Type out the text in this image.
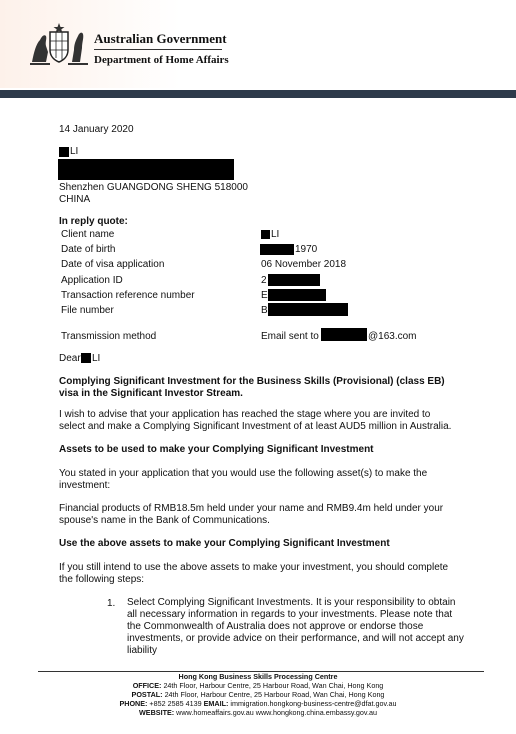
Australian Government
Department of Home Affairs
14 January 2020
LI
Shenzhen GUANGDONG SHENG 518000
CHINA
In reply quote:
Client name
Date of birth
Date of visa application
Application ID
Transaction reference number
File number
Transmission method
LI
1970
06 November 2018
2
E
B
Email sent to	@163.com
Dear LI
Complying Significant Investment for the Business Skills (Provisional) (class EB) visa in the Significant Investor Stream.
I wish to advise that your application has reached the stage where you are invited to select and make a Complying Significant Investment of at least AUD5 million in Australia.
Assets to be used to make your Complying Significant Investment
You stated in your application that you would use the following asset(s) to make the investment:
Financial products of RMB18.5m held under your name and RMB9.4m held under your spouse's name in the Bank of Communications.
Use the above assets to make your Complying Significant Investment
If you still intend to use the above assets to make your investment, you should complete the following steps:
1. Select Complying Significant Investments. It is your responsibility to obtain all necessary information in regards to your investments. Please note that the Commonwealth of Australia does not approve or endorse those investments, or provide advice on their performance, and will not accept any liability
Hong Kong Business Skills Processing Centre
OFFICE: 24th Floor, Harbour Centre, 25 Harbour Road, Wan Chai, Hong Kong
POSTAL: 24th Floor, Harbour Centre, 25 Harbour Road, Wan Chai, Hong Kong
PHONE: +852 2585 4139 EMAIL: immigration.hongkong-business-centre@dfat.gov.au
WEBSITE: www.homeaffairs.gov.au www.hongkong.china.embassy.gov.au
